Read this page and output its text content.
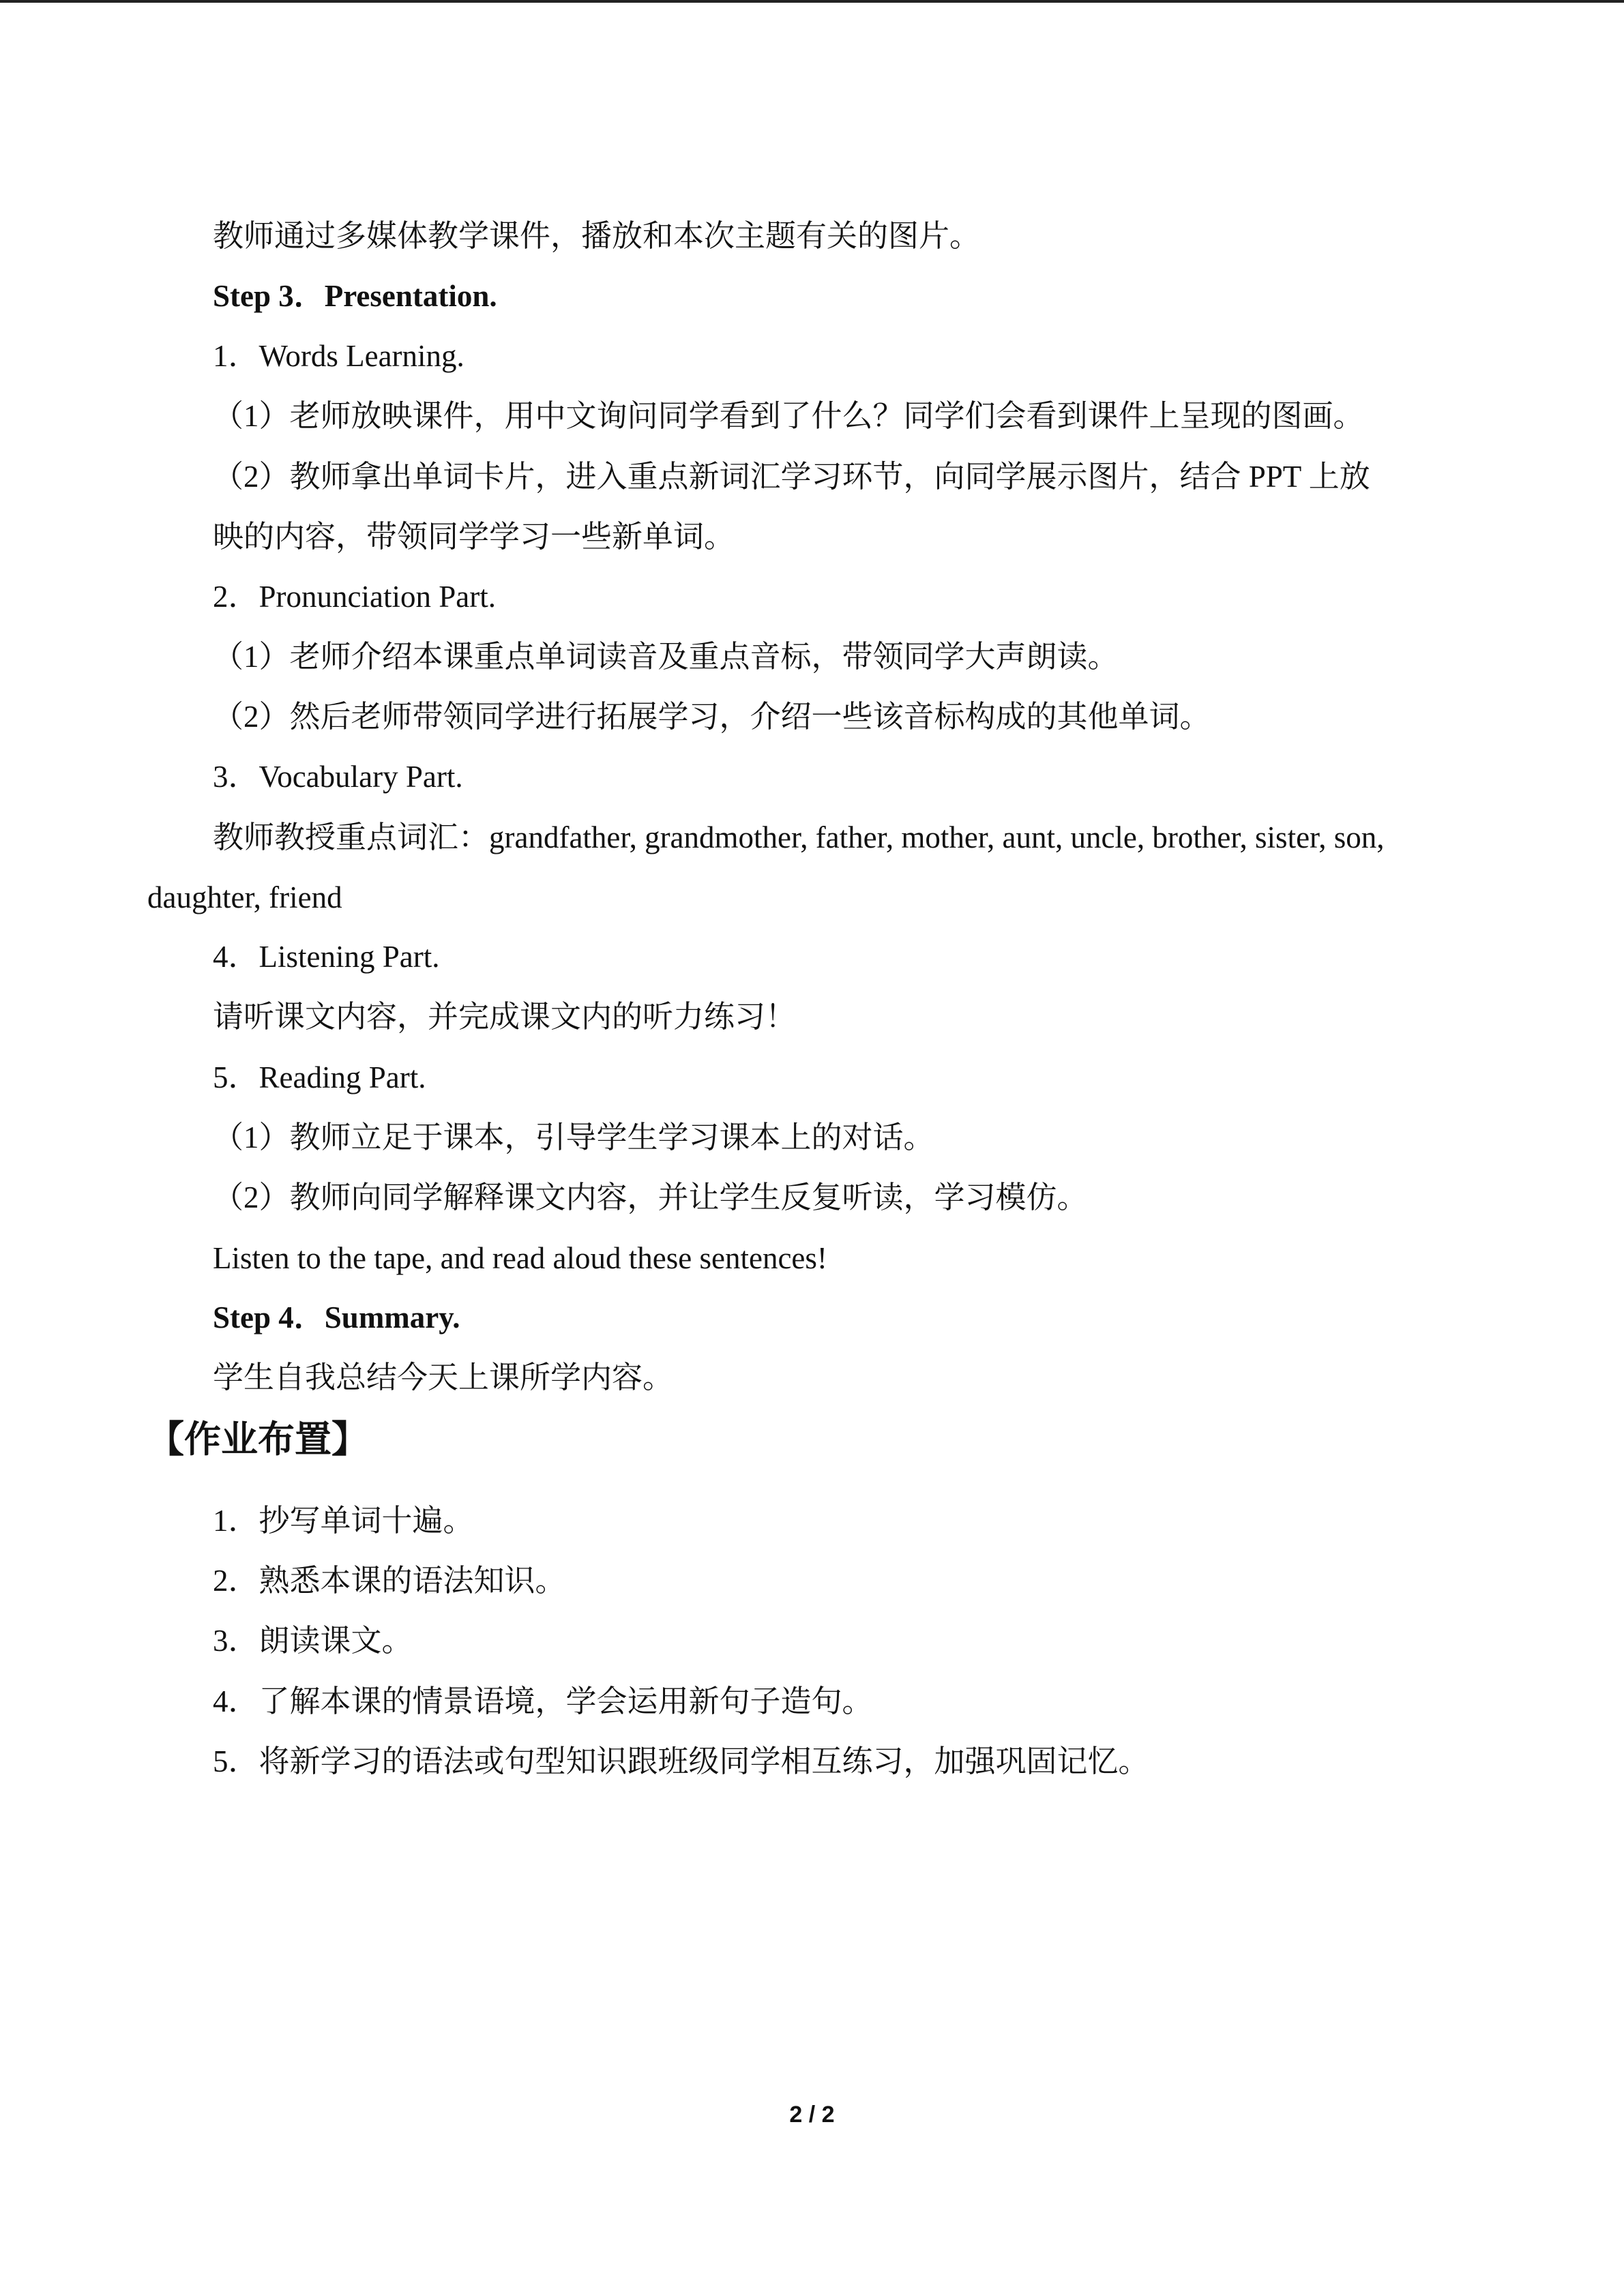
教师通过多媒体教学课件，播放和本次主题有关的图片。
Step 3．Presentation.
1．Words Learning.
（1）老师放映课件，用中文询问同学看到了什么？同学们会看到课件上呈现的图画。
（2）教师拿出单词卡片，进入重点新词汇学习环节，向同学展示图片，结合 PPT 上放
映的内容，带领同学学习一些新单词。
2．Pronunciation Part.
（1）老师介绍本课重点单词读音及重点音标，带领同学大声朗读。
（2）然后老师带领同学进行拓展学习，介绍一些该音标构成的其他单词。
3．Vocabulary Part.
教师教授重点词汇：grandfather, grandmother, father, mother, aunt, uncle, brother, sister, son,
daughter, friend
4．Listening Part.
请听课文内容，并完成课文内的听力练习！
5．Reading Part.
（1）教师立足于课本，引导学生学习课本上的对话。
（2）教师向同学解释课文内容，并让学生反复听读，学习模仿。
Listen to the tape, and read aloud these sentences!
Step 4．Summary.
学生自我总结今天上课所学内容。
【作业布置】
1．抄写单词十遍。
2．熟悉本课的语法知识。
3．朗读课文。
4．了解本课的情景语境，学会运用新句子造句。
5．将新学习的语法或句型知识跟班级同学相互练习，加强巩固记忆。
2 / 2
